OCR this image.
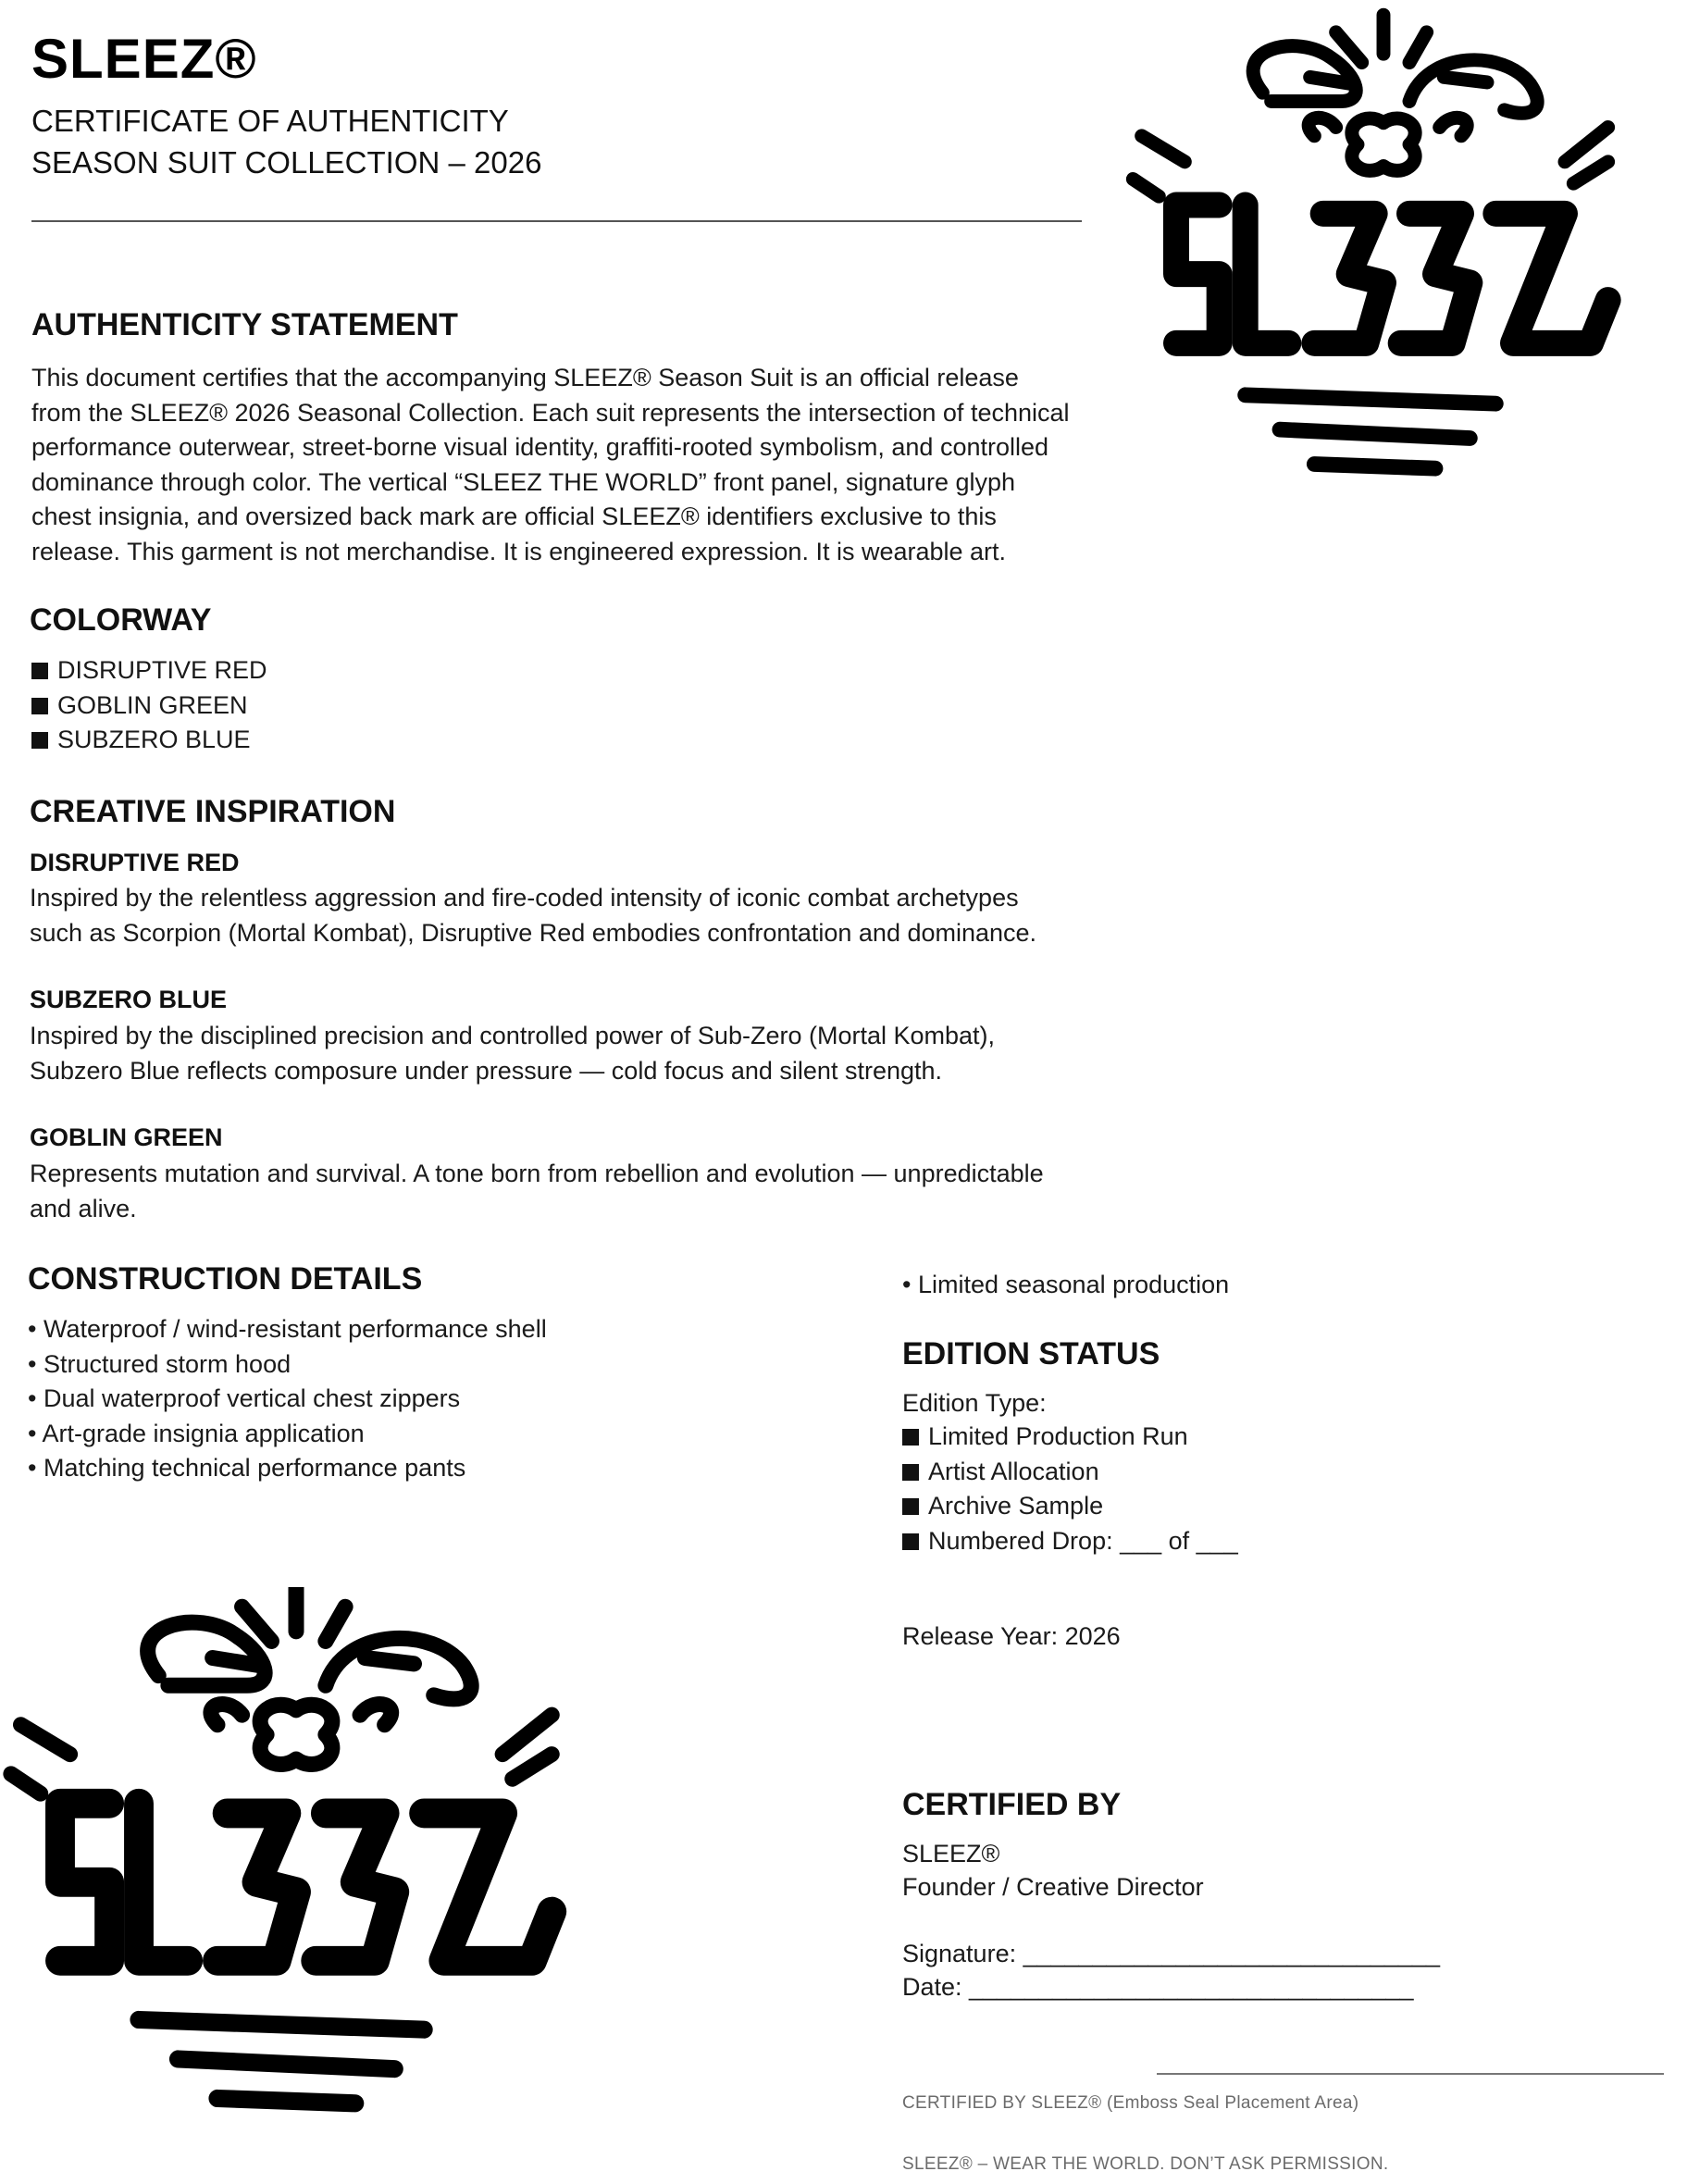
SLEEZ®
CERTIFICATE OF AUTHENTICITY
SEASON SUIT COLLECTION – 2026
AUTHENTICITY STATEMENT
This document certifies that the accompanying SLEEZ® Season Suit is an official release
from the SLEEZ® 2026 Seasonal Collection. Each suit represents the intersection of technical
performance outerwear, street-borne visual identity, graffiti-rooted symbolism, and controlled
dominance through color. The vertical “SLEEZ THE WORLD” front panel, signature glyph
chest insignia, and oversized back mark are official SLEEZ® identifiers exclusive to this
release. This garment is not merchandise. It is engineered expression. It is wearable art.
COLORWAY
DISRUPTIVE RED
GOBLIN GREEN
SUBZERO BLUE
CREATIVE INSPIRATION
DISRUPTIVE RED
Inspired by the relentless aggression and fire-coded intensity of iconic combat archetypes
such as Scorpion (Mortal Kombat), Disruptive Red embodies confrontation and dominance.
SUBZERO BLUE
Inspired by the disciplined precision and controlled power of Sub-Zero (Mortal Kombat),
Subzero Blue reflects composure under pressure — cold focus and silent strength.
GOBLIN GREEN
Represents mutation and survival. A tone born from rebellion and evolution — unpredictable
and alive.
CONSTRUCTION DETAILS
• Waterproof / wind-resistant performance shell
• Structured storm hood
• Dual waterproof vertical chest zippers
• Art-grade insignia application
• Matching technical performance pants
• Limited seasonal production
EDITION STATUS
Edition Type:
Limited Production Run
Artist Allocation
Archive Sample
Numbered Drop: ___ of ___
Release Year: 2026
CERTIFIED BY
SLEEZ®
Founder / Creative Director
Signature: ______________________________
Date: ________________________________
CERTIFIED BY SLEEZ® (Emboss Seal Placement Area)
SLEEZ® – WEAR THE WORLD. DON’T ASK PERMISSION.
